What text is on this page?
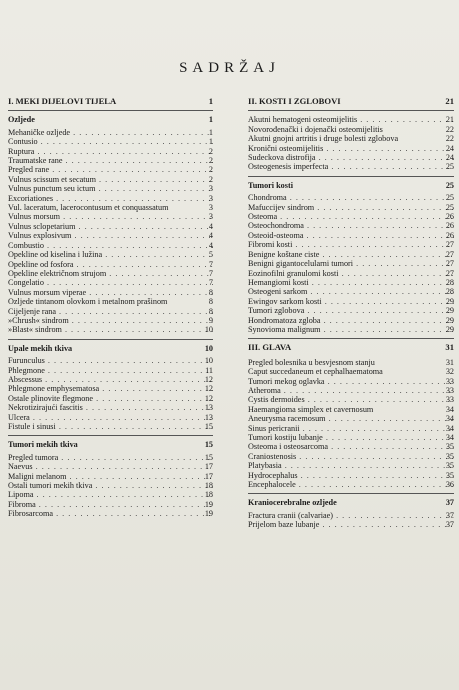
SADRŽAJ
I. MEKI DIJELOVI TIJELA	1
Ozljede	1
Mehaničke ozljede . . .	1
Contusio . . .	1
Ruptura . . .	2
Traumatske rane . . .	2
Pregled rane . . .	2
Vulnus scissum et secatum . . .	2
Vulnus punctum seu ictum . . .	3
Excoriationes . . .	3
Vul. laceratum, lacerocontusum et conquassatum	3
Vulnus morsum . . .	3
Vulnus sclopetarium . . .	4
Vulnus explosivum . . .	4
Combustio . . .	4
Opekline od kiselina i lužina . . .	5
Opekline od fosfora . . .	7
Opekline električnom strujom . . .	7
Congelatio . . .	7
Vulnus morsum viperae . . .	8
Ozljede tintanom olovkom i metalnom prašinom	8
Cijeljenje rana . . .	8
»Chrush« sindrom . . .	9
»Blast« sindrom . . .	10
Upale mekih tkiva	10
Furunculus . . .	10
Phlegmone . . .	11
Abscessus . . .	12
Phlegmone emphysematosa . . .	12
Ostale plinovite flegmone . . .	12
Nekrotizirajući fascitis . . .	13
Ulcera . . .	13
Fistule i sinusi . . .	15
Tumori mekih tkiva	15
Pregled tumora . . .	15
Naevus . . .	17
Maligni melanom . . .	17
Ostali tumori mekih tkiva . . .	18
Lipoma . . .	18
Fibroma . . .	19
Fibrosarcoma . . .	19
II. KOSTI I ZGLOBOVI	21
Akutni hematogeni osteomijelitis . . .	21
Novorođenački i dojenački osteomijelitis	22
Akutni gnojni artritis i druge bolesti zglobova	22
Kronični osteomijelitis . . .	24
Sudeckova distrofija . . .	24
Osteogenesis imperfecta . . .	25
Tumori kosti	25
Chondroma . . .	25
Mafuccijev sindrom . . .	25
Osteoma . . .	26
Osteochondroma . . .	26
Osteoid-osteoma . . .	26
Fibromi kosti . . .	27
Benigne koštane ciste . . .	27
Benigni gigantocelularni tumori . . .	27
Eozinofilni granulomi kosti . . .	27
Hemangiomi kosti . . .	28
Osteogeni sarkom . . .	28
Ewingov sarkom kosti . . .	29
Tumori zglobova . . .	29
Hondromatoza zgloba . . .	29
Synovioma malignum . . .	29
III. GLAVA	31
Pregled bolesnika u besvjesnom stanju	31
Caput succedaneum et cephalhaematoma	32
Tumori mekog oglavka . . .	33
Atheroma . . .	33
Cystis dermoides . . .	33
Haemangioma simplex et cavernosum	34
Aneurysma racemosum . . .	34
Sinus pericranii . . .	34
Tumori kostiju lubanje . . .	34
Osteoma i osteosarcoma . . .	35
Craniostenosis . . .	35
Platybasia . . .	35
Hydrocephalus . . .	35
Encephalocele . . .	36
Kraniocerebralne ozljede	37
Fractura cranii (calvariae) . . .	37
Prijelom baze lubanje . . .	37
